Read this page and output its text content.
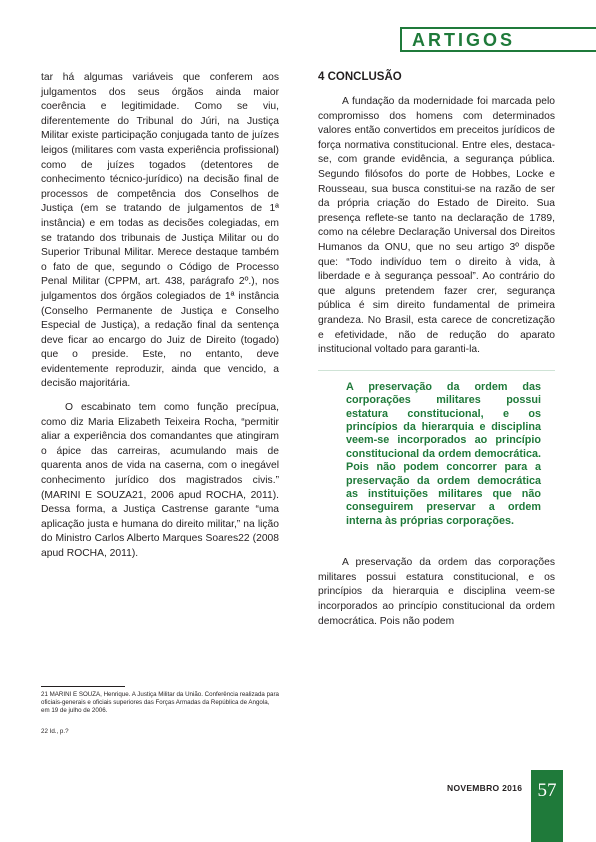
ARTIGOS

tar há algumas variáveis que conferem aos julgamentos dos seus órgãos ainda maior coerência e legitimidade. Como se viu, diferentemente do Tribunal do Júri, na Justiça Militar existe participação conjugada tanto de juízes leigos (militares com vasta experiência profissional) como de juízes togados (detentores de conhecimento técnico-jurídico) na decisão final de processos de competência dos Conselhos de Justiça (em se tratando de julgamentos de 1ª instância) e em todas as decisões colegiadas, em se tratando dos tribunais de Justiça Militar ou do Superior Tribunal Militar. Merece destaque também o fato de que, segundo o Código de Processo Penal Militar (CPPM, art. 438, parágrafo 2º.), nos julgamentos dos órgãos colegiados de 1ª instância (Conselho Permanente de Justiça e Conselho Especial de Justiça), a redação final da sentença deve ficar ao encargo do Juiz de Direito (togado) que o preside. Este, no entanto, deve evidentemente reproduzir, ainda que vencido, a decisão majoritária.

O escabinato tem como função precípua, como diz Maria Elizabeth Teixeira Rocha, “permitir aliar a experiência dos comandantes que atingiram o ápice das carreiras, acumulando mais de quarenta anos de vida na caserna, com o inegável conhecimento jurídico dos magistrados civis.” (MARINI E SOUZA21, 2006 apud ROCHA, 2011). Dessa forma, a Justiça Castrense garante “uma aplicação justa e humana do direito militar,” na lição do Ministro Carlos Alberto Marques Soares22 (2008 apud ROCHA, 2011).

21 MARINI E SOUZA, Henrique. A Justiça Militar da União. Conferência realizada para oficiais-generais e oficiais superiores das Forças Armadas da República de Angola, em 19 de julho de 2006.

22 Id., p.?

4 CONCLUSÃO

A fundação da modernidade foi marcada pelo compromisso dos homens com determinados valores então convertidos em preceitos jurídicos de força normativa constitucional. Entre eles, destaca-se, com grande evidência, a segurança pública. Segundo filósofos do porte de Hobbes, Locke e Rousseau, sua busca constitui-se na razão de ser da própria criação do Estado de Direito. Sua presença reflete-se tanto na declaração de 1789, como na célebre Declaração Universal dos Direitos Humanos da ONU, que no seu artigo 3º dispõe que: “Todo indivíduo tem o direito à vida, à liberdade e à segurança pessoal”. Ao contrário do que alguns pretendem fazer crer, segurança pública é sim direito fundamental de primeira grandeza. No Brasil, esta carece de concretização e efetividade, não de redução do aparato institucional voltado para garanti-la.

A preservação da ordem das corporações militares possui estatura constitucional, e os princípios da hierarquia e disciplina veem-se incorporados ao princípio constitucional da ordem democrática. Pois não podem concorrer para a preservação da ordem democrática as instituições militares que não conseguirem preservar a ordem interna às próprias corporações.

A preservação da ordem das corporações militares possui estatura constitucional, e os princípios da hierarquia e disciplina veem-se incorporados ao princípio constitucional da ordem democrática. Pois não podem

NOVEMBRO 2016 57
